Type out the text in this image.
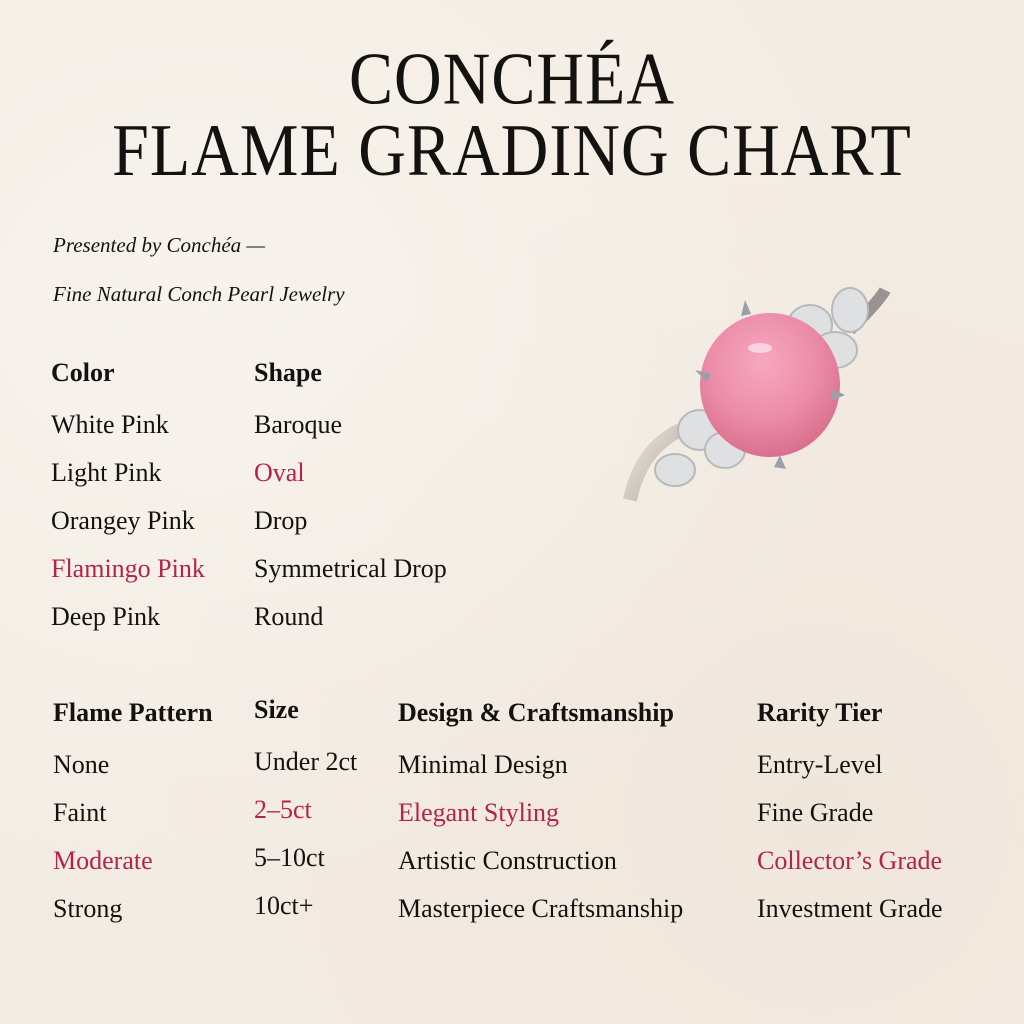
CONCHÉA
FLAME GRADING CHART
Presented by Conchéa —
Fine Natural Conch Pearl Jewelry
Color
White Pink
Light Pink
Orangey Pink
Flamingo Pink
Deep Pink
Shape
Baroque
Oval
Drop
Symmetrical Drop
Round
Flame Pattern
None
Faint
Moderate
Strong
Size
Under 2ct
2–5ct
5–10ct
10ct+
Design & Craftsmanship
Minimal Design
Elegant Styling
Artistic Construction
Masterpiece Craftsmanship
Rarity Tier
Entry-Level
Fine Grade
Collector’s Grade
Investment Grade
